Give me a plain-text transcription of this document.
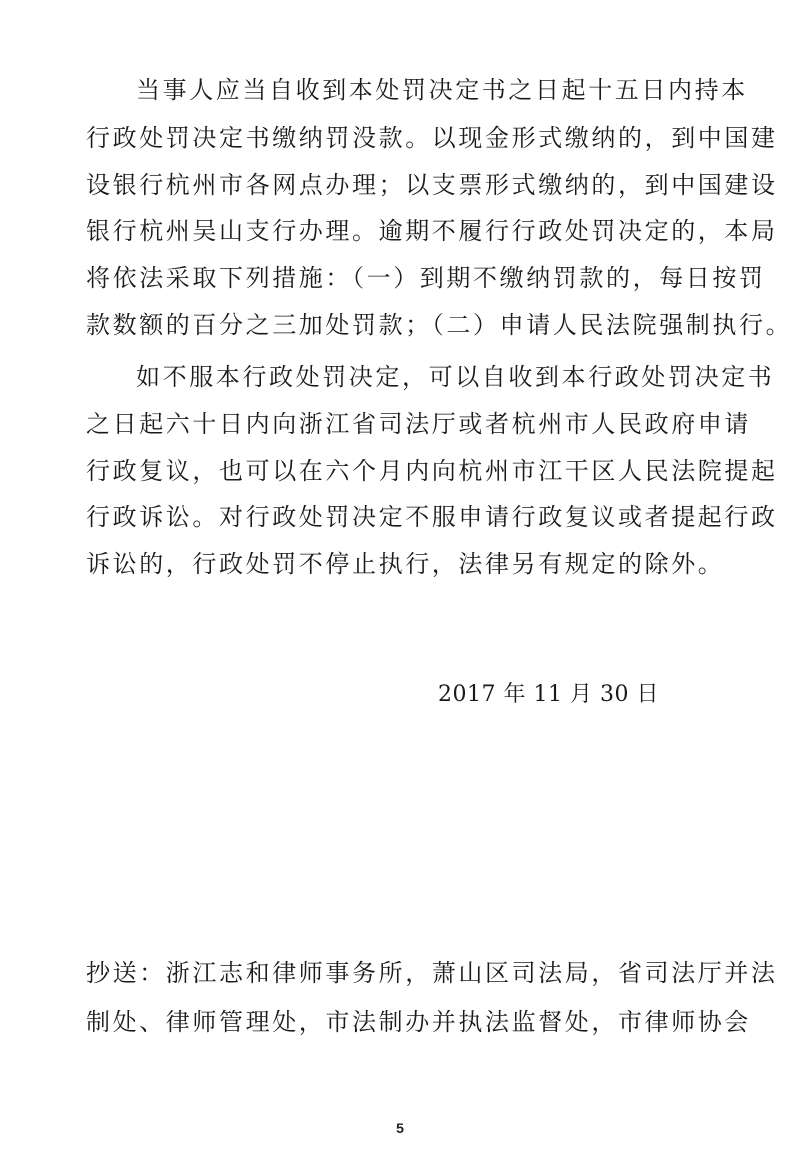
当事人应当自收到本处罚决定书之日起十五日内持本
行政处罚决定书缴纳罚没款。以现金形式缴纳的，到中国建
设银行杭州市各网点办理；以支票形式缴纳的，到中国建设
银行杭州吴山支行办理。逾期不履行行政处罚决定的，本局
将依法采取下列措施：（一）到期不缴纳罚款的，每日按罚
款数额的百分之三加处罚款；（二）申请人民法院强制执行。
如不服本行政处罚决定，可以自收到本行政处罚决定书
之日起六十日内向浙江省司法厅或者杭州市人民政府申请
行政复议，也可以在六个月内向杭州市江干区人民法院提起
行政诉讼。对行政处罚决定不服申请行政复议或者提起行政
诉讼的，行政处罚不停止执行，法律另有规定的除外。
2017 年 11 月 30 日
抄送：浙江志和律师事务所，萧山区司法局，省司法厅并法
制处、律师管理处，市法制办并执法监督处，市律师协会
5
